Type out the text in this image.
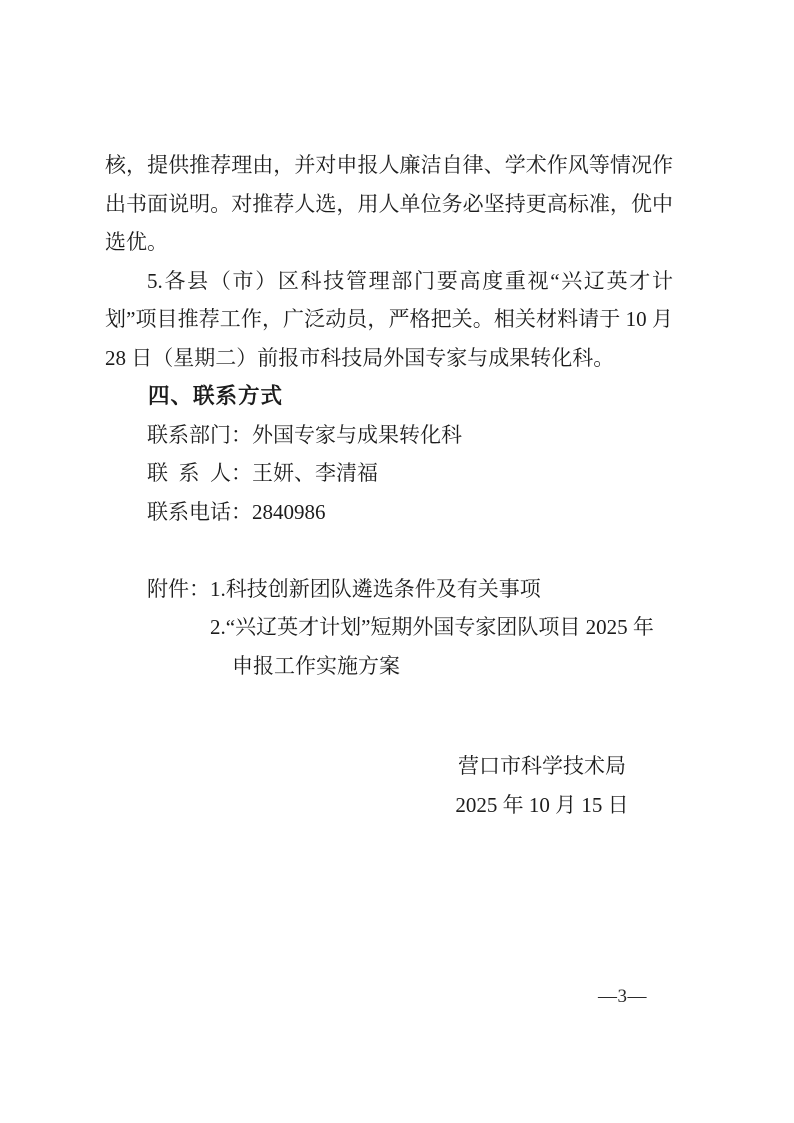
核，提供推荐理由，并对申报人廉洁自律、学术作风等情况作出书面说明。对推荐人选，用人单位务必坚持更高标准，优中选优。

5.各县（市）区科技管理部门要高度重视“兴辽英才计划”项目推荐工作，广泛动员，严格把关。相关材料请于 10 月 28 日（星期二）前报市科技局外国专家与成果转化科。

四、联系方式

联系部门：外国专家与成果转化科

联  系  人：王妍、李清福

联系电话：2840986

附件： 1.科技创新团队遴选条件及有关事项
2.“兴辽英才计划”短期外国专家团队项目 2025 年申报工作实施方案

营口市科学技术局

2025 年 10 月 15 日

—3—
